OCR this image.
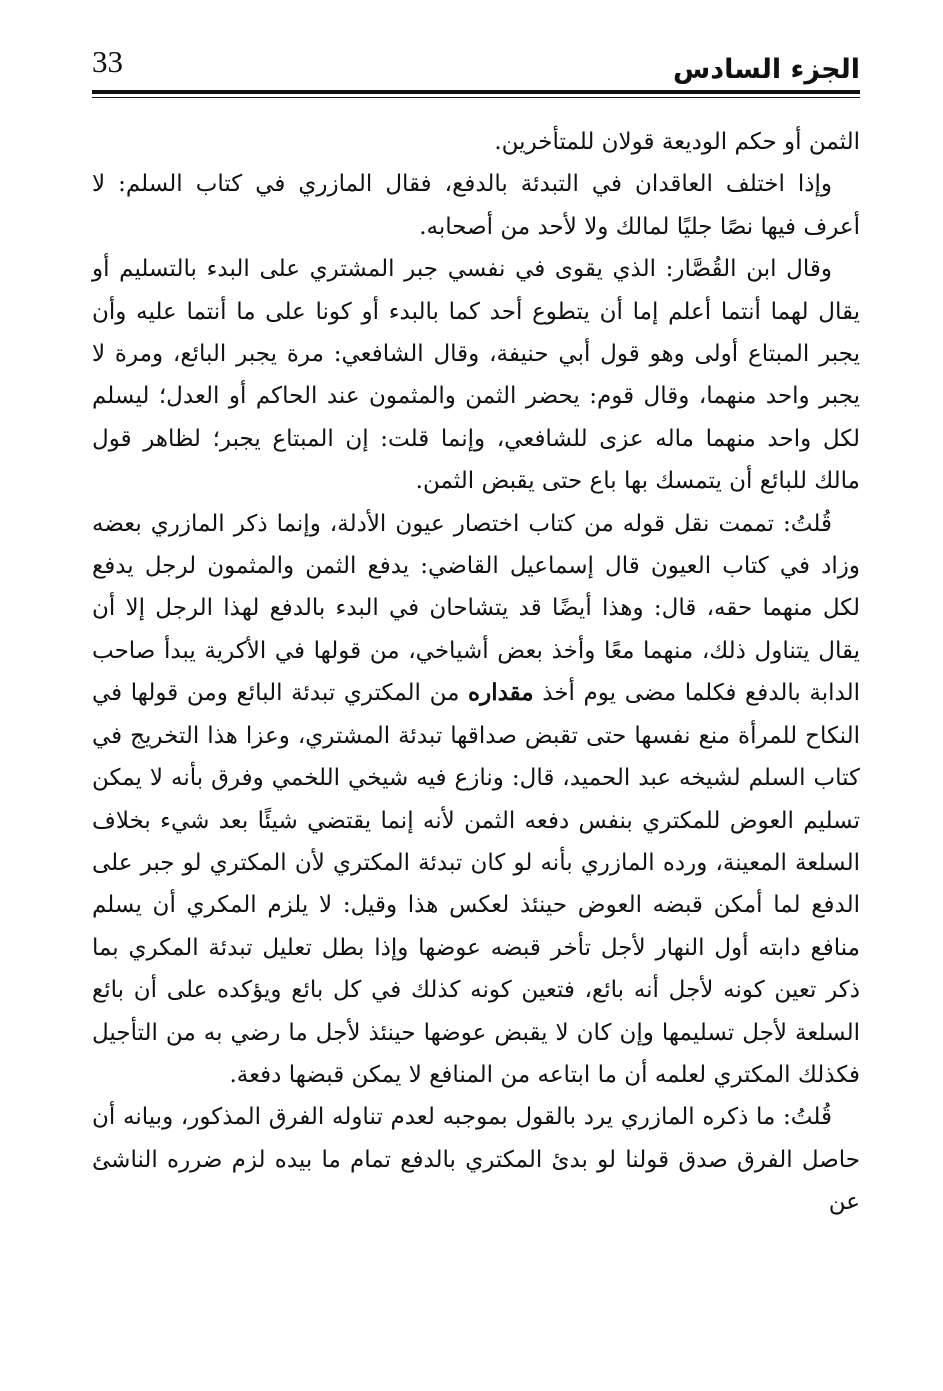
الجزء السادس
33

الثمن أو حكم الوديعة قولان للمتأخرين.

وإذا اختلف العاقدان في التبدئة بالدفع، فقال المازري في كتاب السلم: لا أعرف فيها نصًا جليًا لمالك ولا لأحد من أصحابه.

وقال ابن القُصَّار: الذي يقوى في نفسي جبر المشتري على البدء بالتسليم أو يقال لهما أنتما أعلم إما أن يتطوع أحد كما بالبدء أو كونا على ما أنتما عليه وأن يجبر المبتاع أولى وهو قول أبي حنيفة، وقال الشافعي: مرة يجبر البائع، ومرة لا يجبر واحد منهما، وقال قوم: يحضر الثمن والمثمون عند الحاكم أو العدل؛ ليسلم لكل واحد منهما ماله عزى للشافعي، وإنما قلت: إن المبتاع يجبر؛ لظاهر قول مالك للبائع أن يتمسك بها باع حتى يقبض الثمن.

قُلتُ: تممت نقل قوله من كتاب اختصار عيون الأدلة، وإنما ذكر المازري بعضه وزاد في كتاب العيون قال إسماعيل القاضي: يدفع الثمن والمثمون لرجل يدفع لكل منهما حقه، قال: وهذا أيضًا قد يتشاحان في البدء بالدفع لهذا الرجل إلا أن يقال يتناول ذلك، منهما معًا وأخذ بعض أشياخي، من قولها في الأكرية يبدأ صاحب الدابة بالدفع فكلما مضى يوم أخذ مقداره من المكتري تبدئة البائع ومن قولها في النكاح للمرأة منع نفسها حتى تقبض صداقها تبدئة المشتري، وعزا هذا التخريج في كتاب السلم لشيخه عبد الحميد، قال: ونازع فيه شيخي اللخمي وفرق بأنه لا يمكن تسليم العوض للمكتري بنفس دفعه الثمن لأنه إنما يقتضي شيئًا بعد شيء بخلاف السلعة المعينة، ورده المازري بأنه لو كان تبدئة المكتري لأن المكتري لو جبر على الدفع لما أمكن قبضه العوض حينئذ لعكس هذا وقيل: لا يلزم المكري أن يسلم منافع دابته أول النهار لأجل تأخر قبضه عوضها وإذا بطل تعليل تبدئة المكري بما ذكر تعين كونه لأجل أنه بائع، فتعين كونه كذلك في كل بائع ويؤكده على أن بائع السلعة لأجل تسليمها وإن كان لا يقبض عوضها حينئذ لأجل ما رضي به من التأجيل فكذلك المكتري لعلمه أن ما ابتاعه من المنافع لا يمكن قبضها دفعة.

قُلتُ: ما ذكره المازري يرد بالقول بموجبه لعدم تناوله الفرق المذكور، وبيانه أن حاصل الفرق صدق قولنا لو بدئ المكتري بالدفع تمام ما بيده لزم ضرره الناشئ عن
